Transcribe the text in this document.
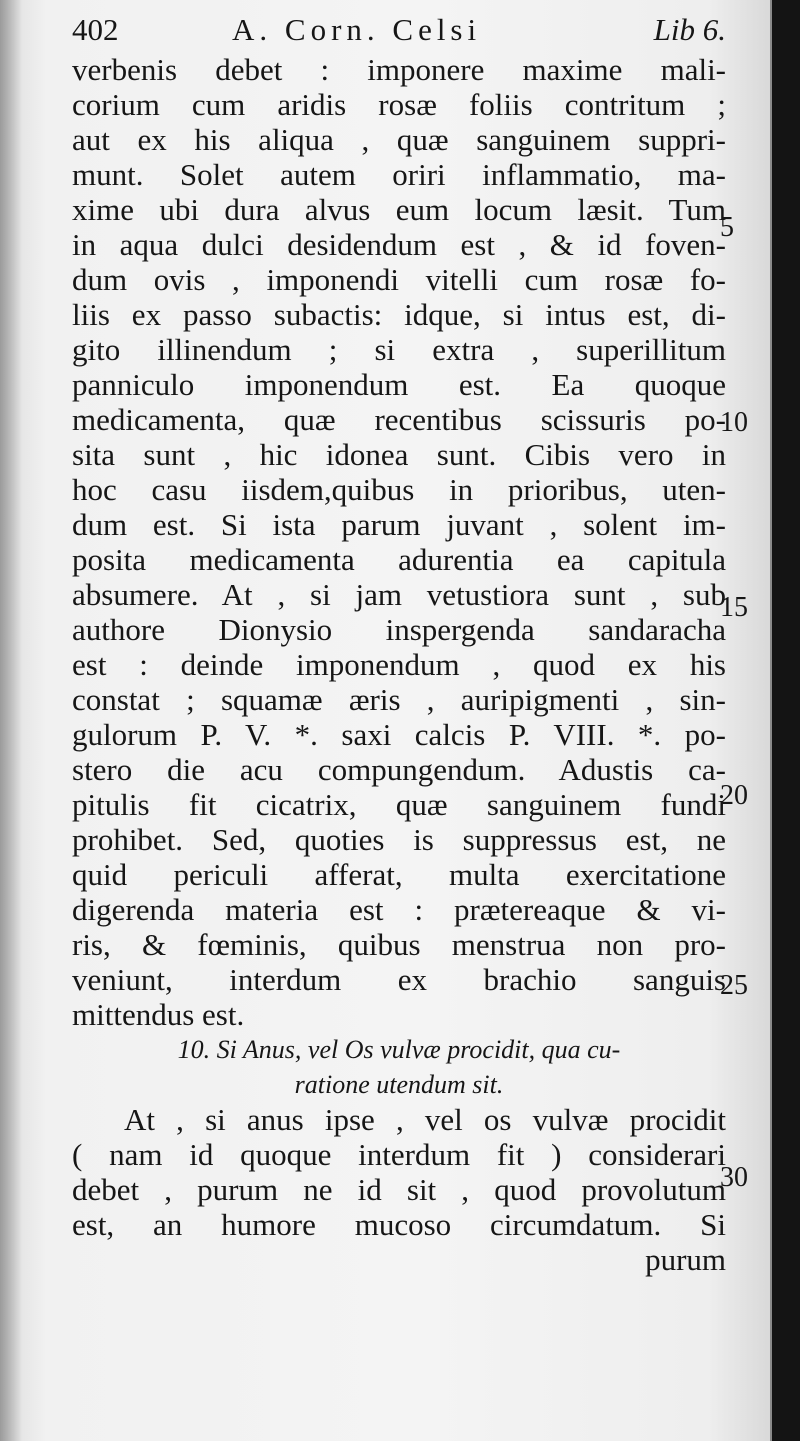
402	A. Corn. Celsi	Lib 6.
verbenis debet : imponere maxime mali-
corium cum aridis rosæ foliis contritum ;
aut ex his aliqua , quæ sanguinem suppri-
munt. Solet autem oriri inflammatio, ma-
xime ubi dura alvus eum locum læsit. Tum
in aqua dulci desidendum est , & id foven-
dum ovis , imponendi vitelli cum rosæ fo-
liis ex passo subactis: idque, si intus est, di-
gito illinendum ; si extra , superillitum
panniculo imponendum est. Ea quoque
medicamenta, quæ recentibus scissuris po-
sita sunt , hic idonea sunt. Cibis vero in
hoc casu iisdem,quibus in prioribus, uten-
dum est. Si ista parum juvant , solent im-
posita medicamenta adurentia ea capitula
absumere. At , si jam vetustiora sunt , sub
authore Dionysio inspergenda sandaracha
est : deinde imponendum , quod ex his
constat ; squamæ æris , auripigmenti , sin-
gulorum P. V. *. saxi calcis P. VIII. *. po-
stero die acu compungendum. Adustis ca-
pitulis fit cicatrix, quæ sanguinem fundi
prohibet. Sed, quoties is suppressus est, ne
quid periculi afferat, multa exercitatione
digerenda materia est : prætereaque & vi-
ris, & fœminis, quibus menstrua non pro-
veniunt, interdum ex brachio sanguis
mittendus est.
10. Si Anus, vel Os vulvæ procidit, qua cu-
ratione utendum sit.
At , si anus ipse , vel os vulvæ procidit
( nam id quoque interdum fit ) considerari
debet , purum ne id sit , quod provolutum
est, an humore mucoso circumdatum. Si
purum
5
10
15
20
25
30
